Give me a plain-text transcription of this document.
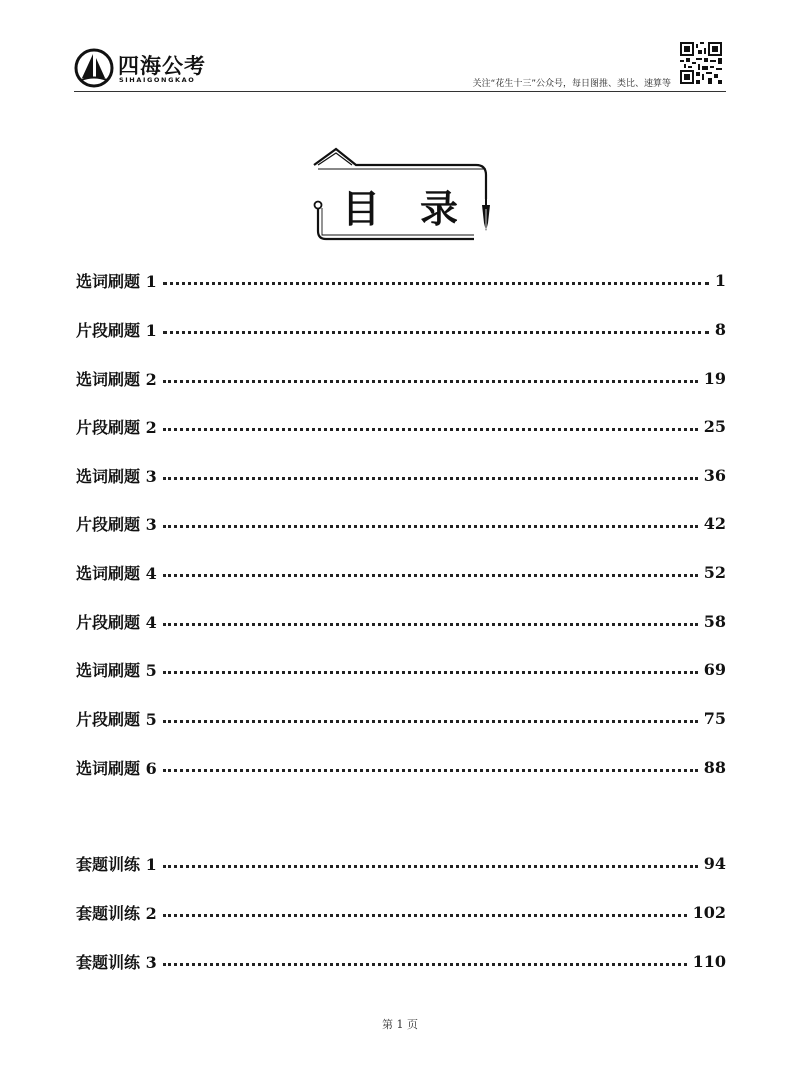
四海公考
SIHAIGONGKAO	关注“花生十三”公众号，每日图推、类比、速算等
目录
选词刷题 1	1
片段刷题 1	8
选词刷题 2	19
片段刷题 2	25
选词刷题 3	36
片段刷题 3	42
选词刷题 4	52
片段刷题 4	58
选词刷题 5	69
片段刷题 5	75
选词刷题 6	88
套题训练 1	94
套题训练 2	102
套题训练 3	110
第 1 页
